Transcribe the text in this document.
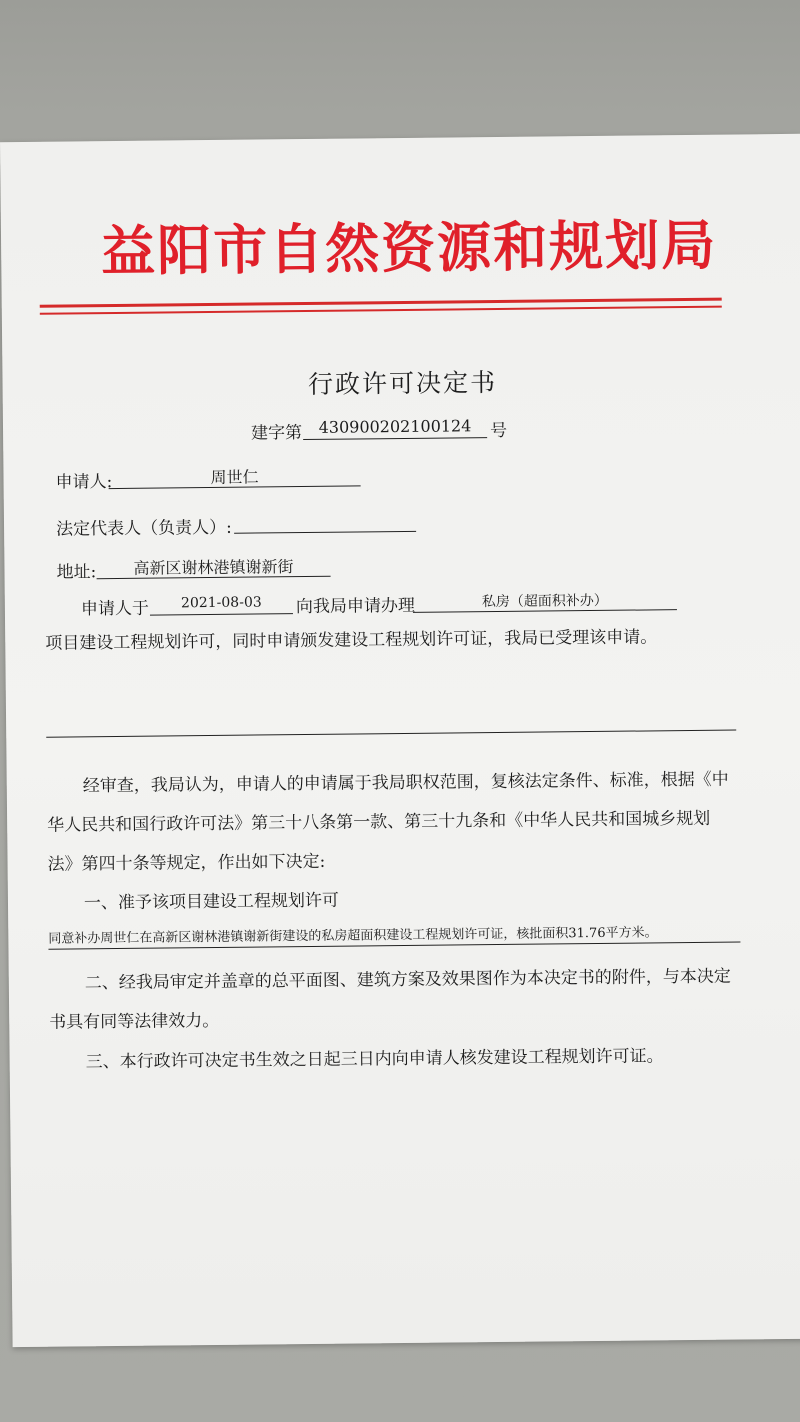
益阳市自然资源和规划局
行政许可决定书
建字第	430900202100124	号
申请人:	周世仁
法定代表人（负责人）:
地址:	高新区谢林港镇谢新街
申请人于	2021-08-03	向我局申请办理	私房（超面积补办）
项目建设工程规划许可，同时申请颁发建设工程规划许可证，我局已受理该申请。
经审查，我局认为，申请人的申请属于我局职权范围，复核法定条件、标准，根据《中
华人民共和国行政许可法》第三十八条第一款、第三十九条和《中华人民共和国城乡规划
法》第四十条等规定，作出如下决定:
一、准予该项目建设工程规划许可
同意补办周世仁在高新区谢林港镇谢新街建设的私房超面积建设工程规划许可证，核批面积31.76平方米。
二、经我局审定并盖章的总平面图、建筑方案及效果图作为本决定书的附件，与本决定
书具有同等法律效力。
三、本行政许可决定书生效之日起三日内向申请人核发建设工程规划许可证。
